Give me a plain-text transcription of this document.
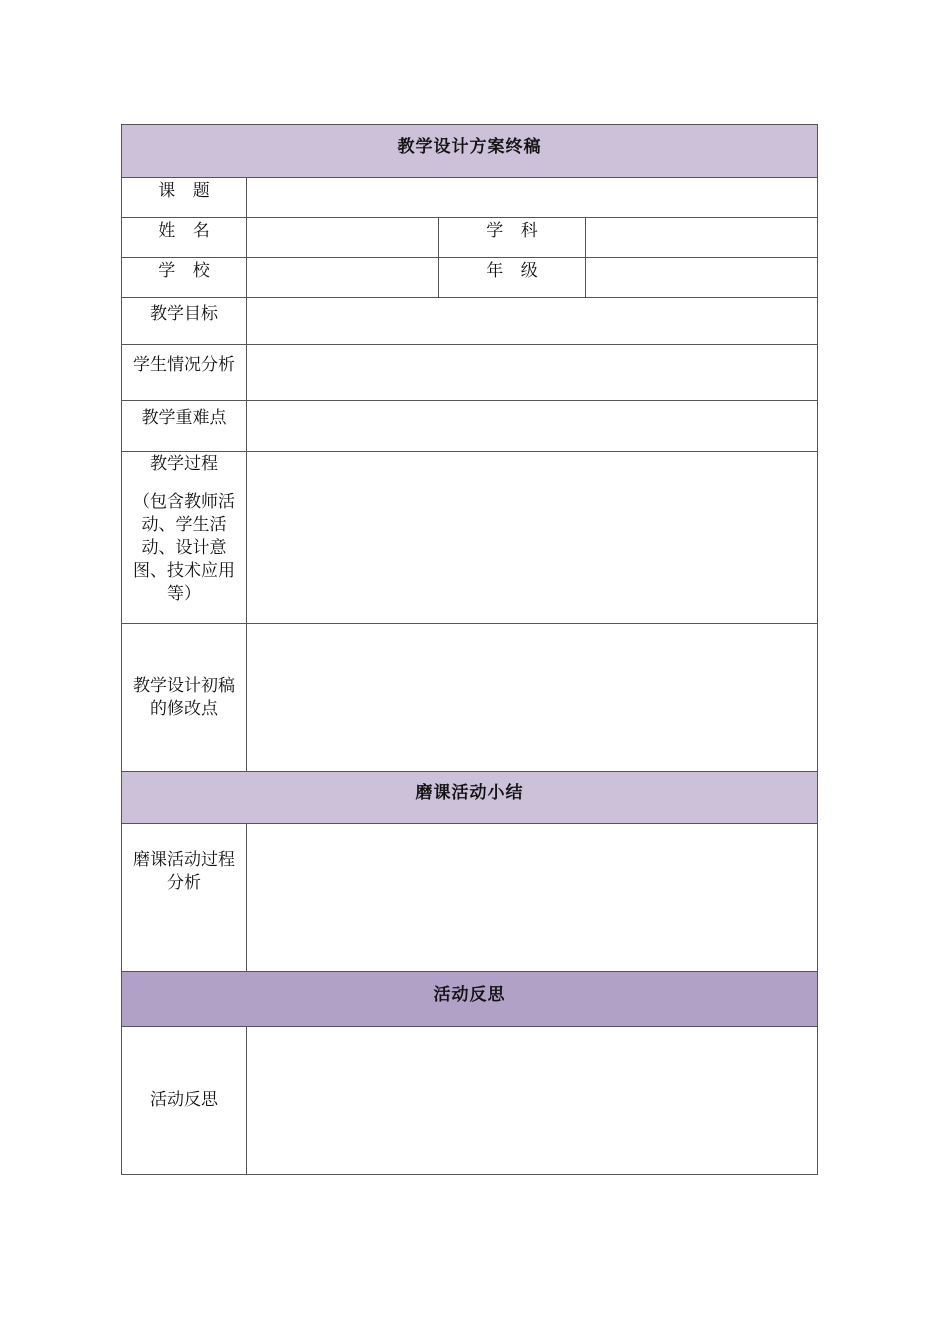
教学设计方案终稿			

课 题			

姓 名		学 科	

学 校		年 级	

教学目标			

学生情况分析			

教学重难点			

教学过程
（包含教师活动、学生活动、设计意图、技术应用等）			

教学设计初稿的修改点			

磨课活动小结			

磨课活动过程分析			

活动反思			

活动反思			
